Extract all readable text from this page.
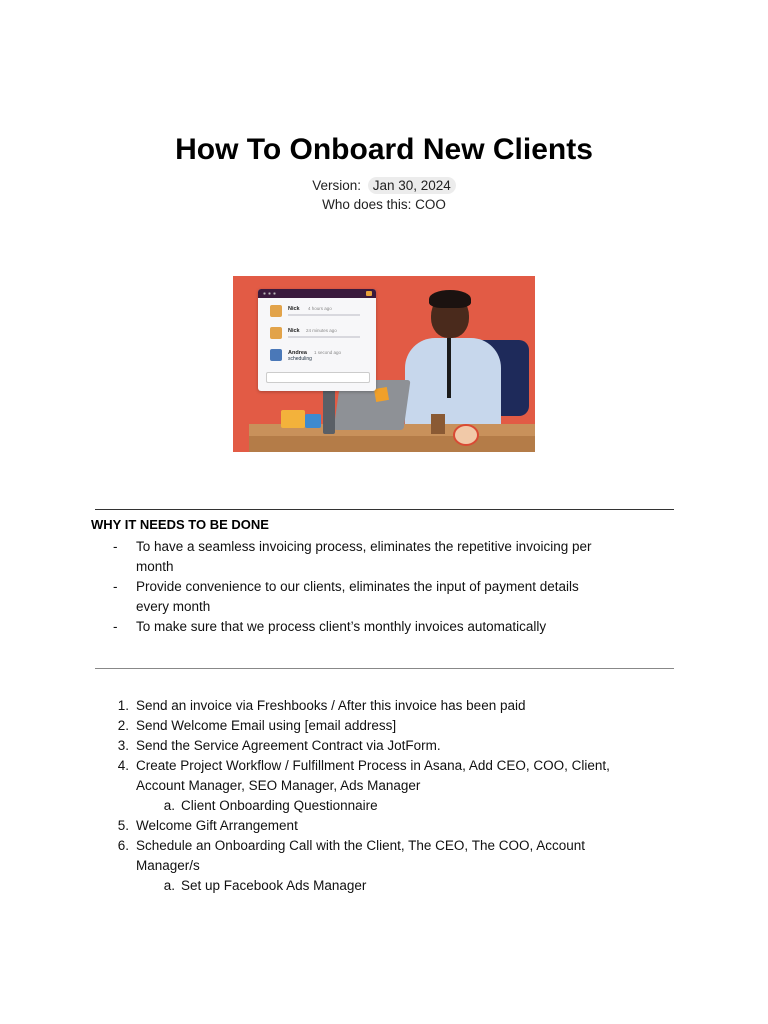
How To Onboard New Clients
Version: Jan 30, 2024
Who does this: COO
Nick 4 hours ago
Nick 24 minutes ago
Andrea 1 second ago
scheduling
WHY IT NEEDS TO BE DONE
- To have a seamless invoicing process, eliminates the repetitive invoicing per
month
- Provide convenience to our clients, eliminates the input of payment details
every month
- To make sure that we process client’s monthly invoices automatically
1. Send an invoice via Freshbooks / After this invoice has been paid
2. Send Welcome Email using [email address]
3. Send the Service Agreement Contract via JotForm.
4. Create Project Workflow / Fulfillment Process in Asana, Add CEO, COO, Client,
Account Manager, SEO Manager, Ads Manager
a. Client Onboarding Questionnaire
5. Welcome Gift Arrangement
6. Schedule an Onboarding Call with the Client, The CEO, The COO, Account
Manager/s
a. Set up Facebook Ads Manager
